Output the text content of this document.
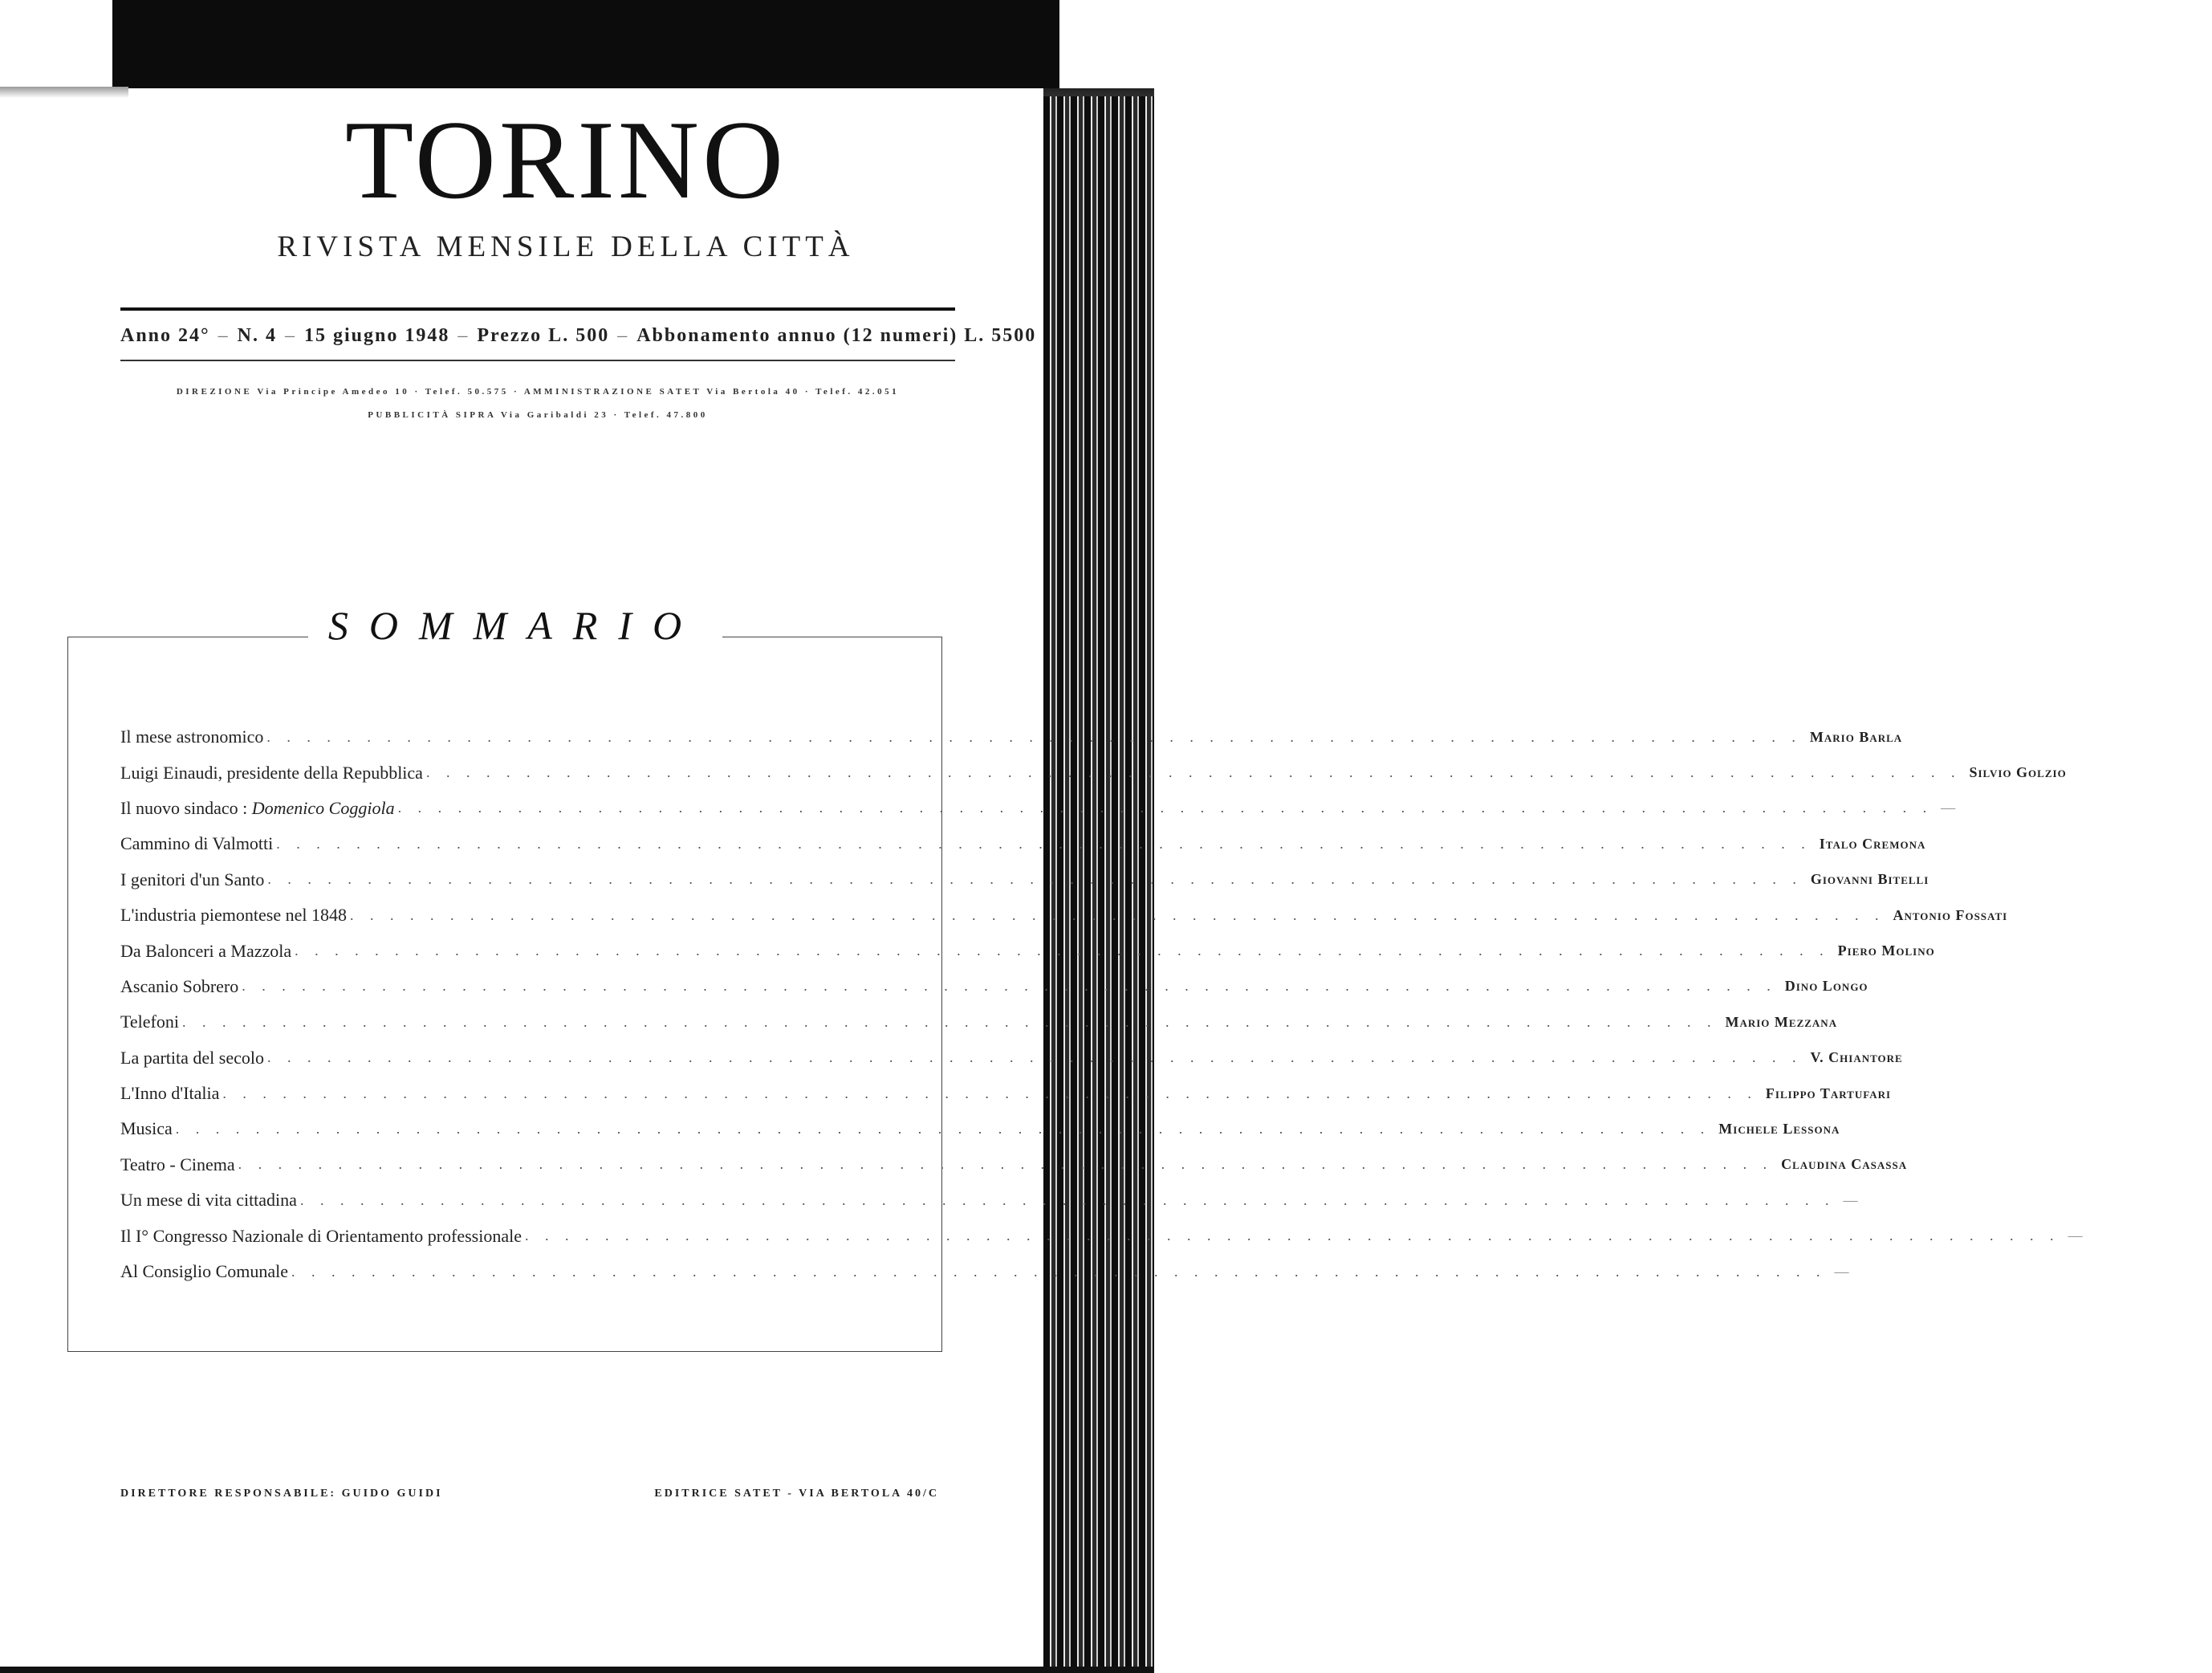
TORINO
RIVISTA MENSILE DELLA CITTÀ
Anno 24° – N. 4 – 15 giugno 1948 – Prezzo L. 500 – Abbonamento annuo (12 numeri) L. 5500
DIREZIONE Via Principe Amedeo 10 · Telef. 50.575 · AMMINISTRAZIONE SATET Via Bertola 40 · Telef. 42.051
PUBBLICITÀ SIPRA Via Garibaldi 23 · Telef. 47.800
SOMMARIO
Il mese astronomico . . . . . . . . . . . . . . . . . . . . . . . . . . . . . . . . . . . . . . . . . . . . . . . . . . . . . . . . . . . . . . . . . . . . . . . . . . . . . Mario Barla
Luigi Einaudi, presidente della Repubblica . . . . . . . . . . . . . . . . . . . . . . . . . . . . . . . . . . . . . . . . . . . . . . . . . . . . . . . . . . . . . . . . . . . . . . . . . . . . . Silvio Golzio
Il nuovo sindaco : Domenico Coggiola . . . . . . . . . . . . . . . . . . . . . . . . . . . . . . . . . . . . . . . . . . . . . . . . . . . . . . . . . . . . . . . . . . . . . . . . . . . . . —
Cammino di Valmotti . . . . . . . . . . . . . . . . . . . . . . . . . . . . . . . . . . . . . . . . . . . . . . . . . . . . . . . . . . . . . . . . . . . . . . . . . . . . . Italo Cremona
I genitori d'un Santo . . . . . . . . . . . . . . . . . . . . . . . . . . . . . . . . . . . . . . . . . . . . . . . . . . . . . . . . . . . . . . . . . . . . . . . . . . . . . Giovanni Bitelli
L'industria piemontese nel 1848 . . . . . . . . . . . . . . . . . . . . . . . . . . . . . . . . . . . . . . . . . . . . . . . . . . . . . . . . . . . . . . . . . . . . . . . . . . . . . Antonio Fossati
Da Balonceri a Mazzola . . . . . . . . . . . . . . . . . . . . . . . . . . . . . . . . . . . . . . . . . . . . . . . . . . . . . . . . . . . . . . . . . . . . . . . . . . . . . Piero Molino
Ascanio Sobrero . . . . . . . . . . . . . . . . . . . . . . . . . . . . . . . . . . . . . . . . . . . . . . . . . . . . . . . . . . . . . . . . . . . . . . . . . . . . . Dino Longo
Telefoni . . . . . . . . . . . . . . . . . . . . . . . . . . . . . . . . . . . . . . . . . . . . . . . . . . . . . . . . . . . . . . . . . . . . . . . . . . . . . Mario Mezzana
La partita del secolo . . . . . . . . . . . . . . . . . . . . . . . . . . . . . . . . . . . . . . . . . . . . . . . . . . . . . . . . . . . . . . . . . . . . . . . . . . . . . V. Chiantore
L'Inno d'Italia . . . . . . . . . . . . . . . . . . . . . . . . . . . . . . . . . . . . . . . . . . . . . . . . . . . . . . . . . . . . . . . . . . . . . . . . . . . . . Filippo Tartufari
Musica . . . . . . . . . . . . . . . . . . . . . . . . . . . . . . . . . . . . . . . . . . . . . . . . . . . . . . . . . . . . . . . . . . . . . . . . . . . . . Michele Lessona
Teatro - Cinema . . . . . . . . . . . . . . . . . . . . . . . . . . . . . . . . . . . . . . . . . . . . . . . . . . . . . . . . . . . . . . . . . . . . . . . . . . . . . Claudina Casassa
Un mese di vita cittadina . . . . . . . . . . . . . . . . . . . . . . . . . . . . . . . . . . . . . . . . . . . . . . . . . . . . . . . . . . . . . . . . . . . . . . . . . . . . . —
Il I° Congresso Nazionale di Orientamento professionale . . . . . . . . . . . . . . . . . . . . . . . . . . . . . . . . . . . . . . . . . . . . . . . . . . . . . . . . . . . . . . . . . . . . . . . . . . . . . —
Al Consiglio Comunale . . . . . . . . . . . . . . . . . . . . . . . . . . . . . . . . . . . . . . . . . . . . . . . . . . . . . . . . . . . . . . . . . . . . . . . . . . . . . —
DIRETTORE RESPONSABILE: GUIDO GUIDI	EDITRICE SATET - VIA BERTOLA 40/C
